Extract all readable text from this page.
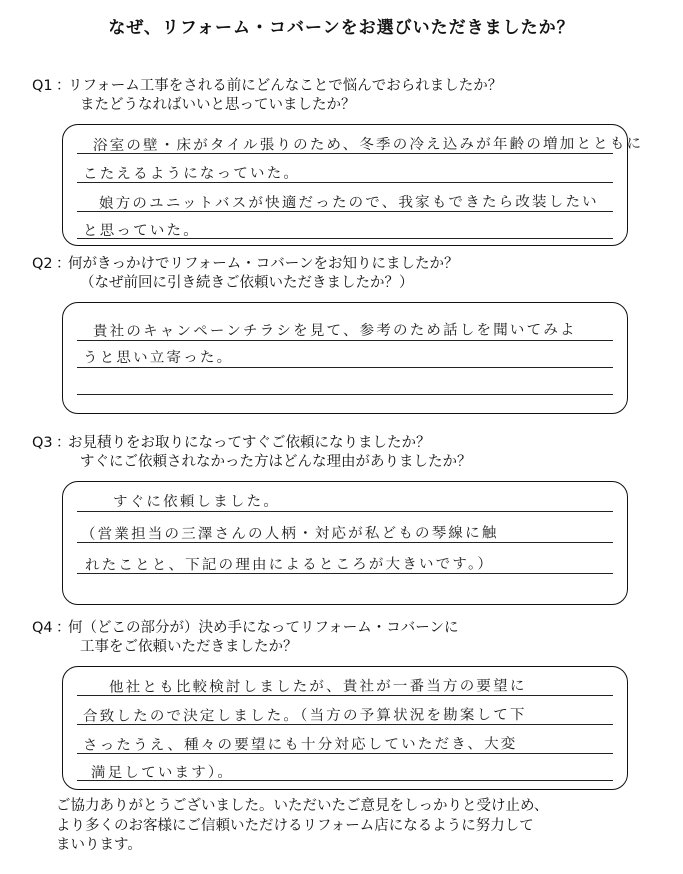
なぜ、リフォーム・コバーンをお選びいただきましたか？
Q1 ：リフォーム工事をされる前にどんなことで悩んでおられましたか？
またどうなればいいと思っていましたか？
浴室の壁・床がタイル張りのため、冬季の冷え込みが年齢の増加とともに
こたえるようになっていた。
娘方のユニットバスが快適だったので、我家もできたら改装したい
と思っていた。
Q2 ：何がきっかけでリフォーム・コバーンをお知りにましたか？
（なぜ前回に引き続きご依頼いただきましたか？）
貴社のキャンペーンチラシを見て、参考のため話しを聞いてみよ
うと思い立寄った。
Q3 ：お見積りをお取りになってすぐご依頼になりましたか？
すぐにご依頼されなかった方はどんな理由がありましたか？
すぐに依頼しました。
（営業担当の三澤さんの人柄・対応が私どもの琴線に触
れたことと、下記の理由によるところが大きいです。）
Q4 ：何（どこの部分が）決め手になってリフォーム・コバーンに
工事をご依頼いただきましたか？
他社とも比較検討しましたが、貴社が一番当方の要望に
合致したので決定しました。（当方の予算状況を勘案して下
さったうえ、種々の要望にも十分対応していただき、大変
満足しています）。
ご協力ありがとうございました。いただいたご意見をしっかりと受け止め、
より多くのお客様にご信頼いただけるリフォーム店になるように努力して
まいります。
